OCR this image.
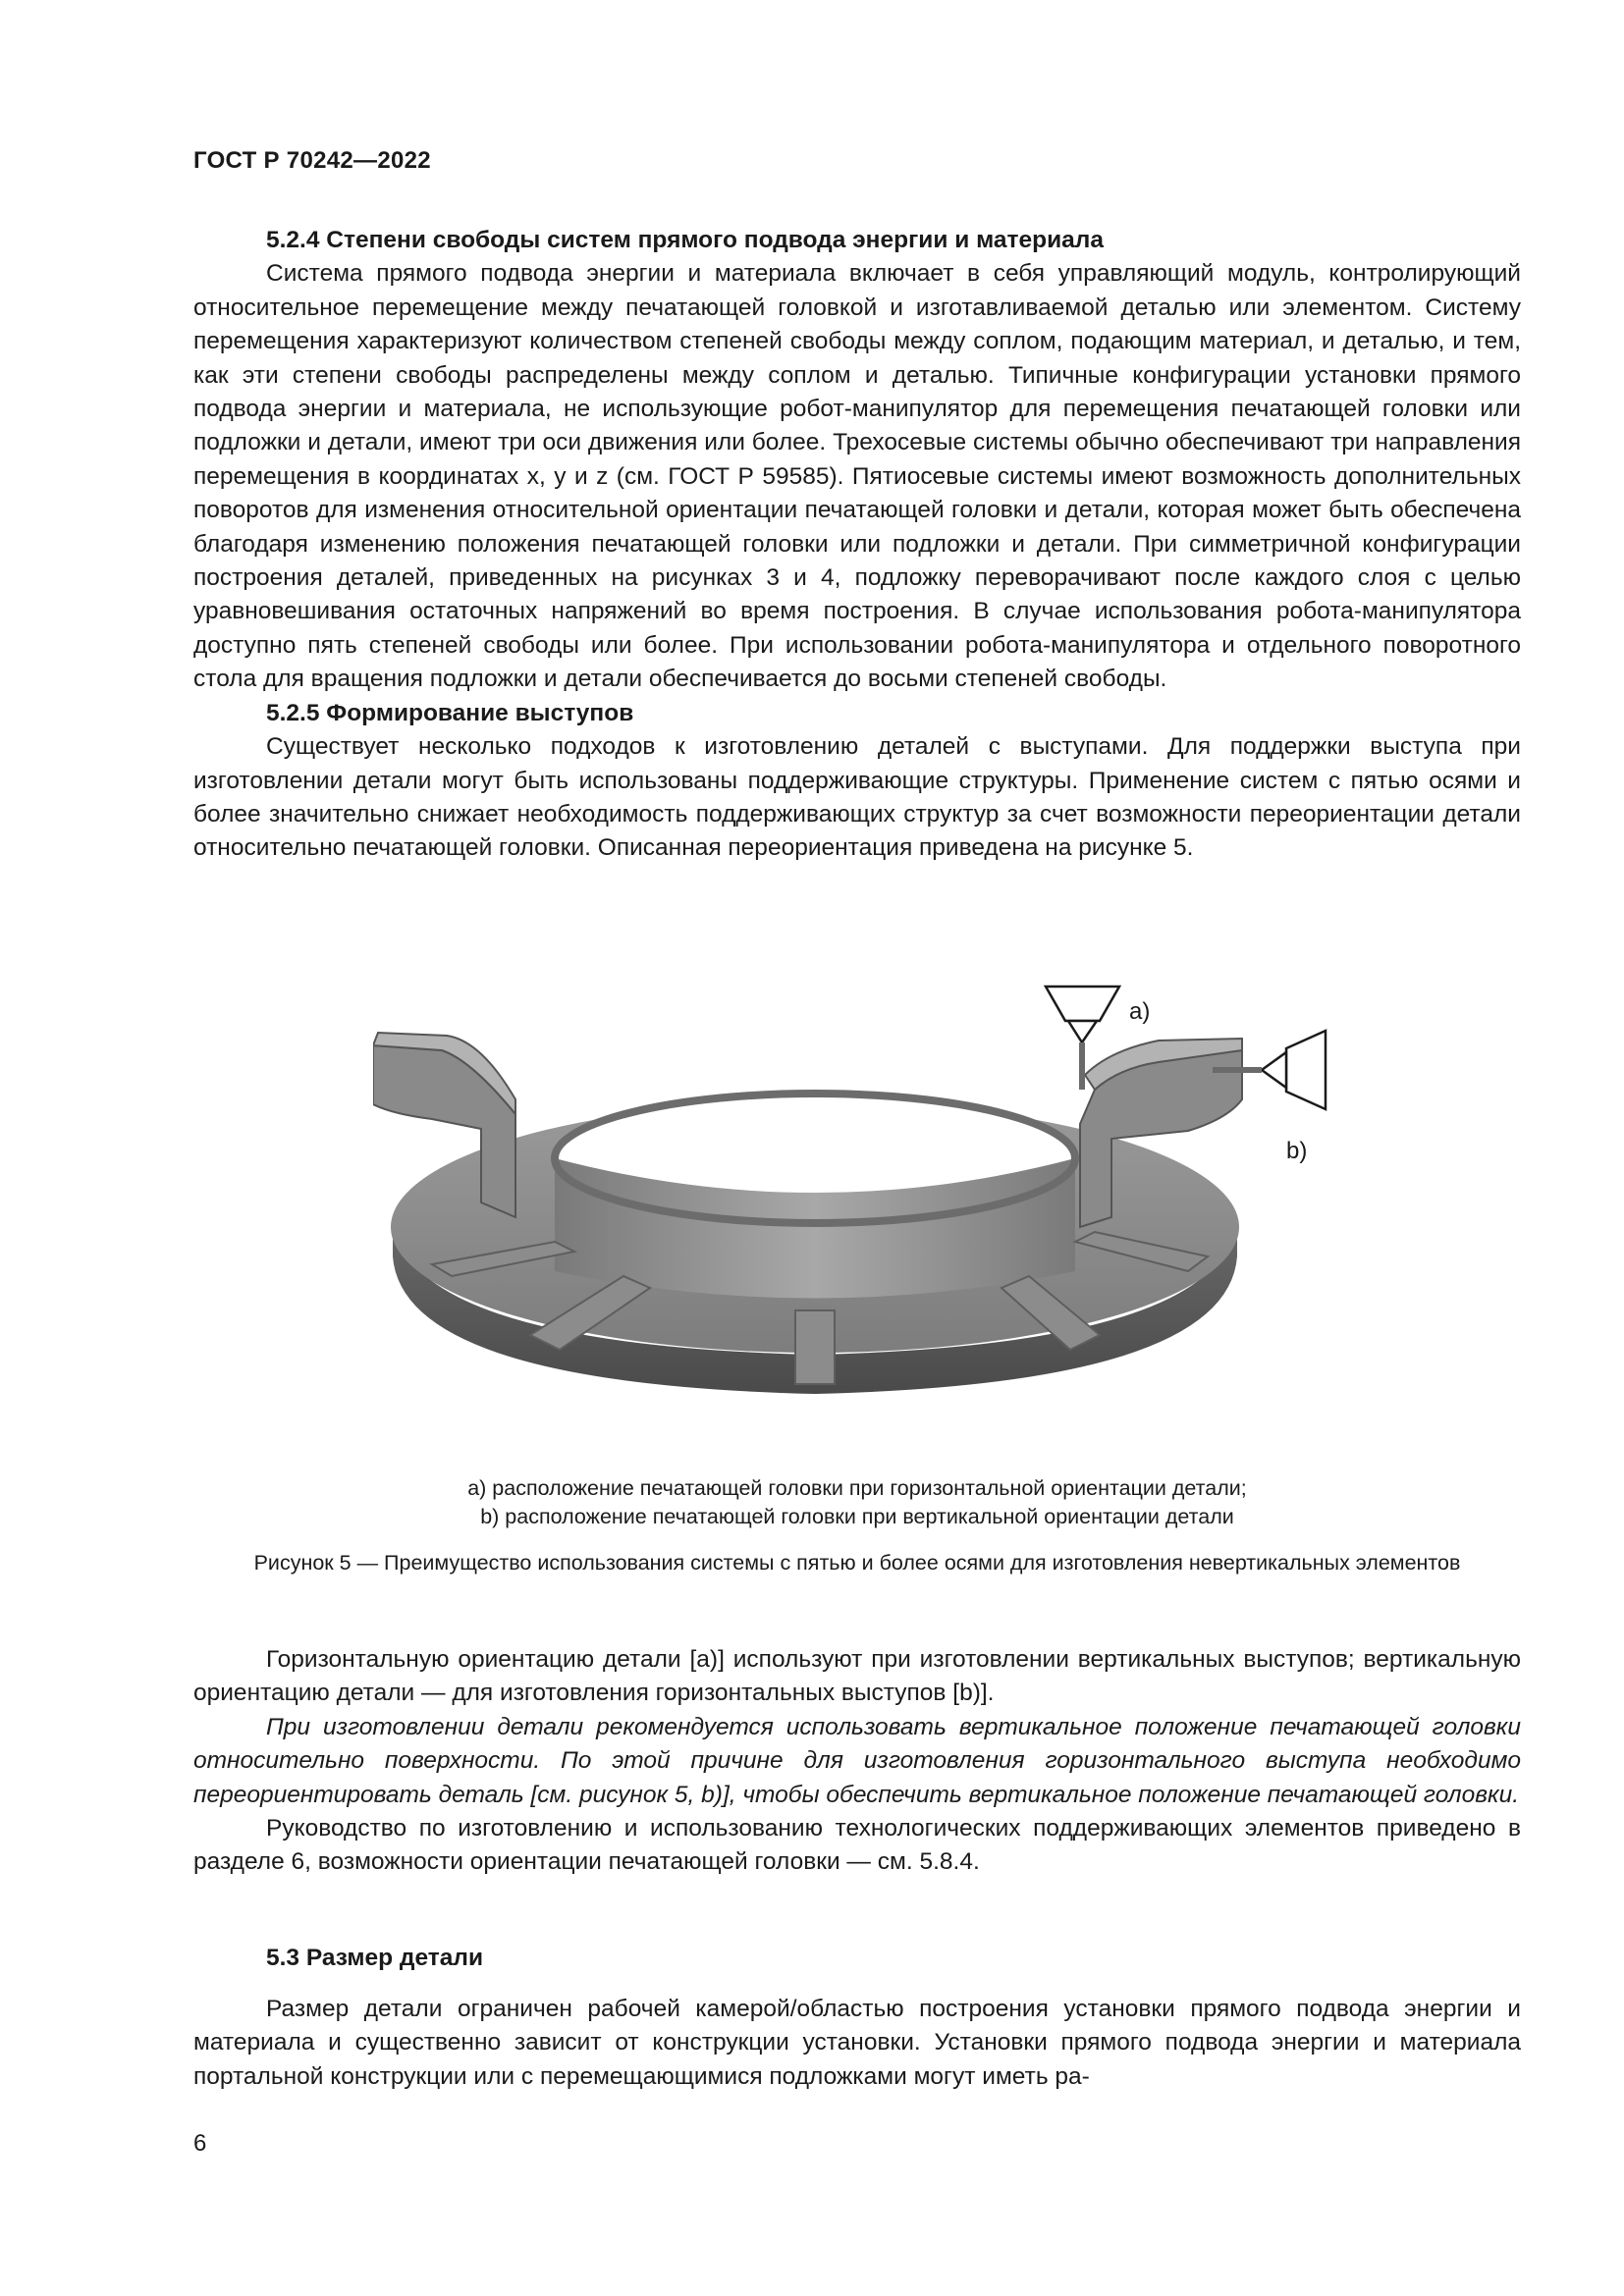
ГОСТ Р 70242—2022
5.2.4 Степени свободы систем прямого подвода энергии и материала

Система прямого подвода энергии и материала включает в себя управляющий модуль, контролирующий относительное перемещение между печатающей головкой и изготавливаемой деталью или элементом. Систему перемещения характеризуют количеством степеней свободы между соплом, подающим материал, и деталью, и тем, как эти степени свободы распределены между соплом и деталью. Типичные конфигурации установки прямого подвода энергии и материала, не использующие робот-манипулятор для перемещения печатающей головки или подложки и детали, имеют три оси движения или более. Трехосевые системы обычно обеспечивают три направления перемещения в координатах x, y и z (см. ГОСТ Р 59585). Пятиосевые системы имеют возможность дополнительных поворотов для изменения относительной ориентации печатающей головки и детали, которая может быть обеспечена благодаря изменению положения печатающей головки или подложки и детали. При симметричной конфигурации построения деталей, приведенных на рисунках 3 и 4, подложку переворачивают после каждого слоя с целью уравновешивания остаточных напряжений во время построения. В случае использования робота-манипулятора доступно пять степеней свободы или более. При использовании робота-манипулятора и отдельного поворотного стола для вращения подложки и детали обеспечивается до восьми степеней свободы.

5.2.5 Формирование выступов

Существует несколько подходов к изготовлению деталей с выступами. Для поддержки выступа при изготовлении детали могут быть использованы поддерживающие структуры. Применение систем с пятью осями и более значительно снижает необходимость поддерживающих структур за счет возможности переориентации детали относительно печатающей головки. Описанная переориентация приведена на рисунке 5.

a)
b)
a) расположение печатающей головки при горизонтальной ориентации детали;
b) расположение печатающей головки при вертикальной ориентации детали
Рисунок 5 — Преимущество использования системы с пятью и более осями для изготовления невертикальных элементов

Горизонтальную ориентацию детали [a)] используют при изготовлении вертикальных выступов; вертикальную ориентацию детали — для изготовления горизонтальных выступов [b)].

При изготовлении детали рекомендуется использовать вертикальное положение печатающей головки относительно поверхности. По этой причине для изготовления горизонтального выступа необходимо переориентировать деталь [см. рисунок 5, b)], чтобы обеспечить вертикальное положение печатающей головки.

Руководство по изготовлению и использованию технологических поддерживающих элементов приведено в разделе 6, возможности ориентации печатающей головки — см. 5.8.4.

5.3 Размер детали

Размер детали ограничен рабочей камерой/областью построения установки прямого подвода энергии и материала и существенно зависит от конструкции установки. Установки прямого подвода энергии и материала портальной конструкции или с перемещающимися подложками могут иметь ра-

6
